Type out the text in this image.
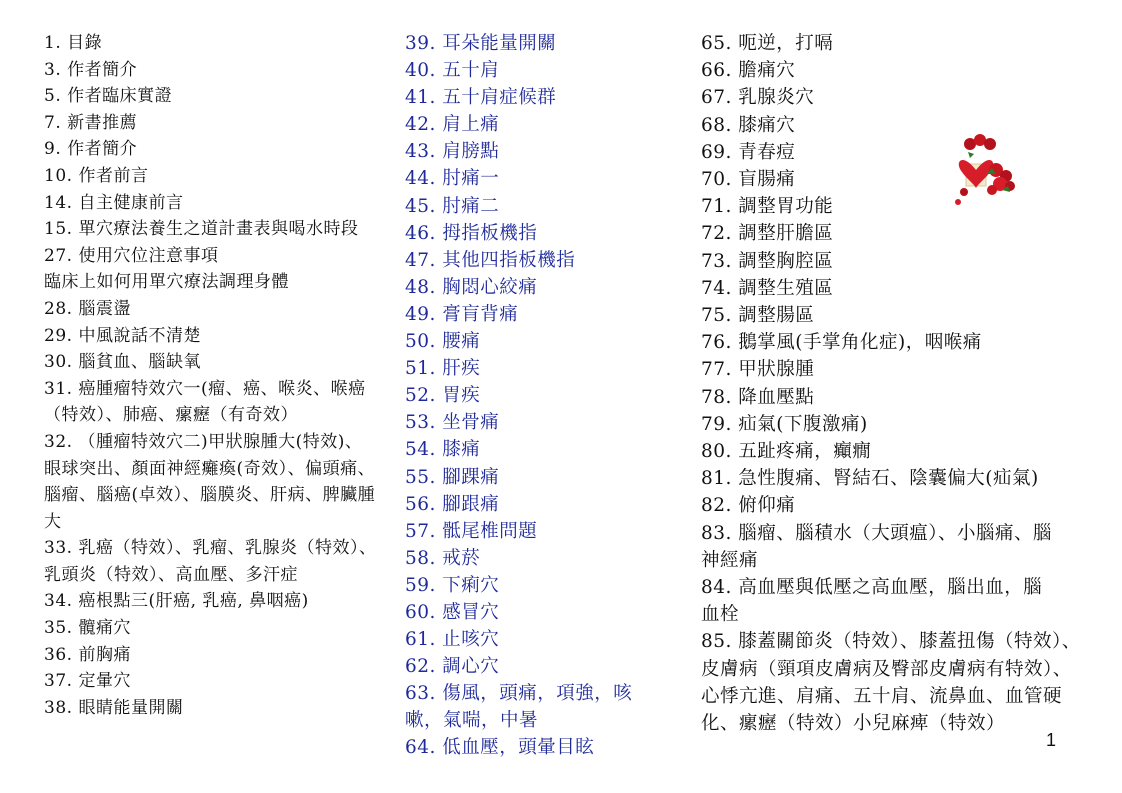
1. 目錄
3. 作者簡介
5. 作者臨床實證
7. 新書推薦
9. 作者簡介
10. 作者前言
14. 自主健康前言
15. 單穴療法養生之道計畫表與喝水時段
27. 使用穴位注意事項
臨床上如何用單穴療法調理身體
28. 腦震盪
29. 中風說話不清楚
30. 腦貧血、腦缺氧
31. 癌腫瘤特效穴一(瘤、癌、喉炎、喉癌（特效）、肺癌、瘰癧（有奇效）
32. （腫瘤特效穴二)甲狀腺腫大(特效)、眼球突出、顏面神經癱瘓(奇效）、偏頭痛、腦瘤、腦癌(卓效）、腦膜炎、肝病、脾臟腫大
33. 乳癌（特效）、乳瘤、乳腺炎（特效）、乳頭炎（特效）、高血壓、多汗症
34. 癌根點三(肝癌, 乳癌, 鼻咽癌)
35. 髖痛穴
36. 前胸痛
37. 定暈穴
38. 眼睛能量開關
39. 耳朵能量開關
40. 五十肩
41. 五十肩症候群
42. 肩上痛
43. 肩膀點
44. 肘痛一
45. 肘痛二
46. 拇指板機指
47. 其他四指板機指
48. 胸悶心絞痛
49. 膏肓背痛
50. 腰痛
51. 肝疾
52. 胃疾
53. 坐骨痛
54. 膝痛
55. 腳踝痛
56. 腳跟痛
57. 骶尾椎問題
58. 戒菸
59. 下痢穴
60. 感冒穴
61. 止咳穴
62. 調心穴
63. 傷風，頭痛，項強，咳嗽，氣喘，中暑
64. 低血壓，頭暈目眩
65. 呃逆，打嗝
66. 膽痛穴
67. 乳腺炎穴
68. 膝痛穴
69. 青春痘
70. 盲腸痛
71. 調整胃功能
72. 調整肝膽區
73. 調整胸腔區
74. 調整生殖區
75. 調整腸區
76. 鵝掌風(手掌角化症)，咽喉痛
77. 甲狀腺腫
78. 降血壓點
79. 疝氣(下腹激痛)
80. 五趾疼痛，癲癇
81. 急性腹痛、腎結石、陰囊偏大(疝氣)
82. 俯仰痛
83. 腦瘤、腦積水（大頭瘟）、小腦痛、腦神經痛
84. 高血壓與低壓之高血壓，腦出血，腦血栓
85. 膝蓋關節炎（特效）、膝蓋扭傷（特效）、皮膚病（頸項皮膚病及臀部皮膚病有特效）、心悸亢進、肩痛、五十肩、流鼻血、血管硬化、瘰癧（特效）小兒麻痺（特效）
1
